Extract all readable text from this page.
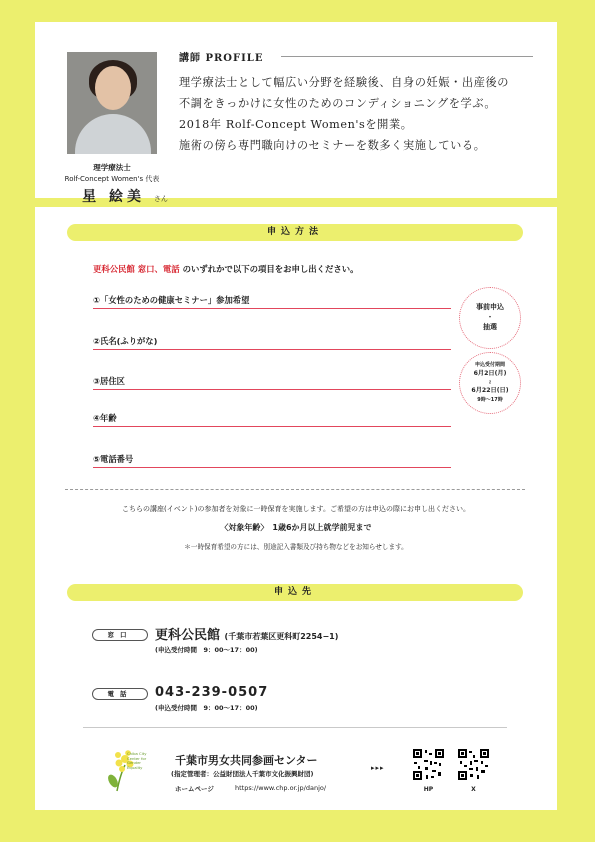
理学療法士
Rolf-Concept Women's 代表
星 絵美 さん
講師 PROFILE
理学療法士として幅広い分野を経験後、自身の妊娠・出産後の
不調をきっかけに女性のためのコンディショニングを学ぶ。
2018年 Rolf-Concept Women'sを開業。
施術の傍ら専門職向けのセミナーを数多く実施している。
申込方法
更科公民館 窓口、電話 のいずれかで以下の項目をお申し出ください。
①「女性のための健康セミナー」参加希望
②氏名(ふりがな)
③居住区
④年齢
⑤電話番号
事前申込
・
抽選
申込受付期間
6月2日(月)
≀
6月22日(日)
9時〜17時
こちらの講座(イベント)の参加者を対象に一時保育を実施します。ご希望の方は申込の際にお申し出ください。
〈対象年齢〉　1歳6か月以上就学前児まで
＊一時保育希望の方には、別途記入書類及び持ち物などをお知らせします。
申込先
窓口	更科公民館 (千葉市若葉区更科町2254−1)
(申込受付時間　9：00〜17：00)
電話	043-239-0507
(申込受付時間　9：00〜17：00)
Chiba City
Center for
Gender
Equality
千葉市男女共同参画センター
(指定管理者：公益財団法人千葉市文化振興財団)
ホームページ	https://www.chp.or.jp/danjo/
▸▸▸
HP	X
